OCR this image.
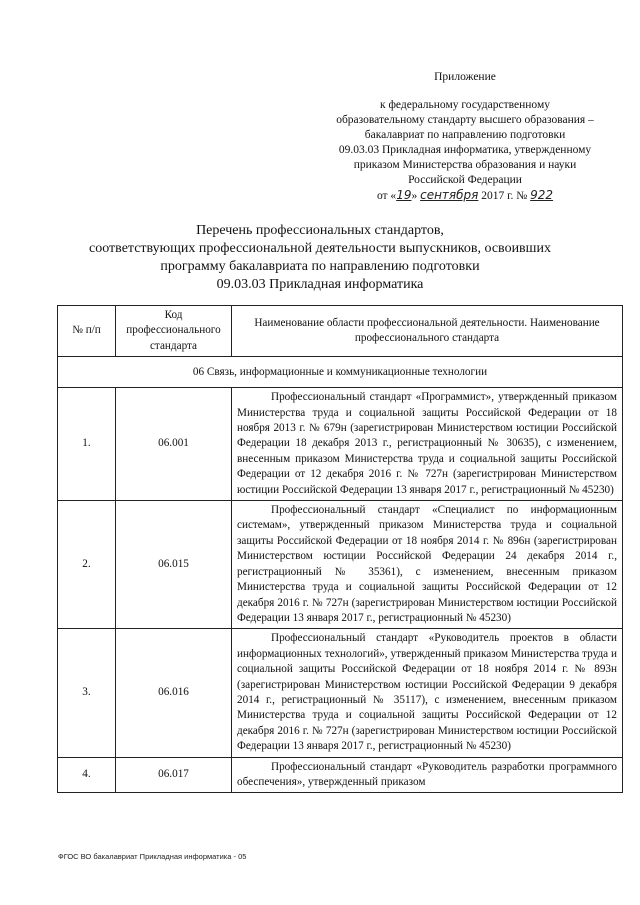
Приложение
к федеральному государственному
образовательному стандарту высшего образования –
бакалавриат по направлению подготовки
09.03.03 Прикладная информатика, утвержденному
приказом Министерства образования и науки
Российской Федерации
от «19» сентября 2017 г. № 922
Перечень профессиональных стандартов,
соответствующих профессиональной деятельности выпускников, освоивших
программу бакалавриата по направлению подготовки
09.03.03 Прикладная информатика
№ п/п	Код профессионального стандарта	Наименование области профессиональной деятельности. Наименование профессионального стандарта
06 Связь, информационные и коммуникационные технологии		
1.	06.001	Профессиональный стандарт «Программист», утвержденный приказом Министерства труда и социальной защиты Российской Федерации от 18 ноября 2013 г. № 679н (зарегистрирован Министерством юстиции Российской Федерации 18 декабря 2013 г., регистрационный № 30635), с изменением, внесенным приказом Министерства труда и социальной защиты Российской Федерации от 12 декабря 2016 г. № 727н (зарегистрирован Министерством юстиции Российской Федерации 13 января 2017 г., регистрационный № 45230)
2.	06.015	Профессиональный стандарт «Специалист по информационным системам», утвержденный приказом Министерства труда и социальной защиты Российской Федерации от 18 ноября 2014 г. № 896н (зарегистрирован Министерством юстиции Российской Федерации 24 декабря 2014 г., регистрационный № 35361), с изменением, внесенным приказом Министерства труда и социальной защиты Российской Федерации от 12 декабря 2016 г. № 727н (зарегистрирован Министерством юстиции Российской Федерации 13 января 2017 г., регистрационный № 45230)
3.	06.016	Профессиональный стандарт «Руководитель проектов в области информационных технологий», утвержденный приказом Министерства труда и социальной защиты Российской Федерации от 18 ноября 2014 г. № 893н (зарегистрирован Министерством юстиции Российской Федерации 9 декабря 2014 г., регистрационный № 35117), с изменением, внесенным приказом Министерства труда и социальной защиты Российской Федерации от 12 декабря 2016 г. № 727н (зарегистрирован Министерством юстиции Российской Федерации 13 января 2017 г., регистрационный № 45230)
4.	06.017	Профессиональный стандарт «Руководитель разработки программного обеспечения», утвержденный приказом
ФГОС ВО бакалавриат Прикладная информатика - 05
